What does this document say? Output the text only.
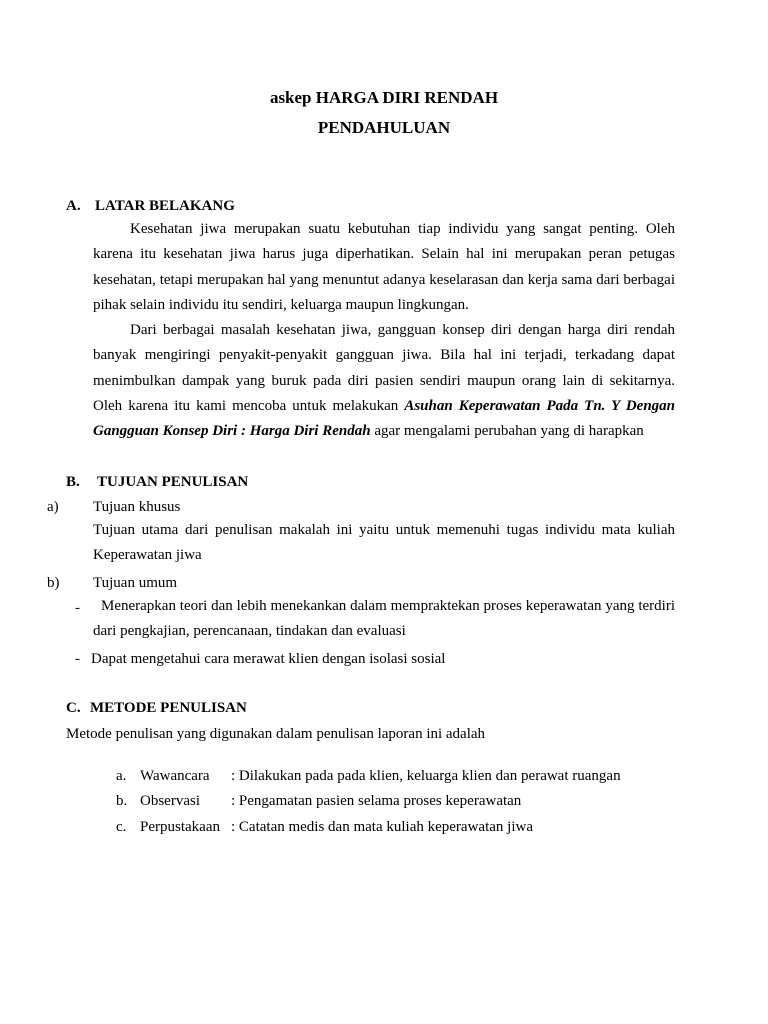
askep HARGA DIRI RENDAH
PENDAHULUAN
A. LATAR BELAKANG
Kesehatan jiwa merupakan suatu kebutuhan tiap individu yang sangat penting. Oleh karena itu kesehatan jiwa harus juga diperhatikan. Selain hal ini merupakan peran petugas kesehatan, tetapi merupakan hal yang menuntut adanya keselarasan dan kerja sama dari berbagai pihak selain individu itu sendiri, keluarga maupun lingkungan.
Dari berbagai masalah kesehatan jiwa, gangguan konsep diri dengan harga diri rendah banyak mengiringi penyakit-penyakit gangguan jiwa. Bila hal ini terjadi, terkadang dapat menimbulkan dampak yang buruk pada diri pasien sendiri maupun orang lain di sekitarnya. Oleh karena itu kami mencoba untuk melakukan Asuhan Keperawatan Pada Tn. Y Dengan Gangguan Konsep Diri : Harga Diri Rendah agar mengalami perubahan yang di harapkan
B. TUJUAN PENULISAN
a) Tujuan khusus
Tujuan utama dari penulisan makalah ini yaitu untuk memenuhi tugas individu mata kuliah Keperawatan jiwa
b) Tujuan umum
-	Menerapkan teori dan lebih menekankan dalam mempraktekan proses keperawatan yang terdiri dari pengkajian, perencanaan, tindakan dan evaluasi
- Dapat mengetahui cara merawat klien dengan isolasi sosial
C. METODE PENULISAN
Metode penulisan yang digunakan dalam penulisan laporan ini adalah
a. Wawancara : Dilakukan pada pada klien, keluarga klien dan perawat ruangan
b. Observasi : Pengamatan pasien selama proses keperawatan
c. Perpustakaan : Catatan medis dan mata kuliah keperawatan jiwa
